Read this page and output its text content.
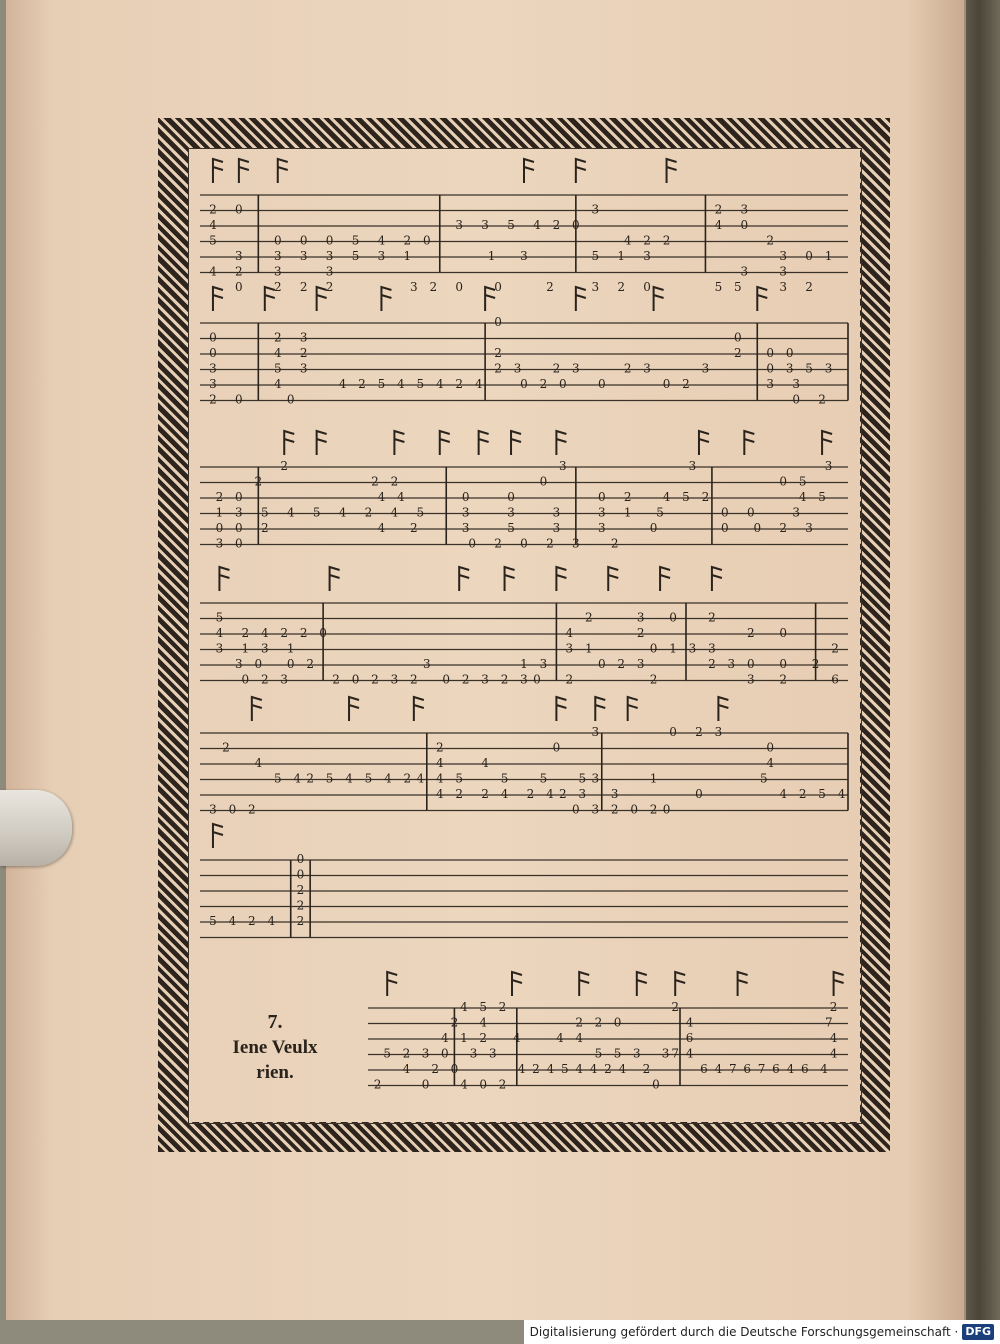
2 0
4
5	0 0 0 5 4 2 0
3	3 3 3 5 3 1
4 2	3	3
0	2 2 2	3 2
3 3 5 4 2 0
1 3
0	0	2
3
4 2 2
5 1 3
3 2 0
2 3
4 0
2
3 0 1
3	3
5 5	3 2
0
0
3
3
2 0
2 3
4 2
5 3
4	4 2 5 4 5 4 2 4
0
0
2
2 3	2 3	2 3	3
0 2 0	0	0 2
2
0
0 0
0 3 5 3
3 3
0 2
2
2
2 0
1 3 5 4 5 4 2 4 5
0 0 2	4 2
3 0
2 2
4 4	0	0
3	3	3
3	5	3
0 2 0 2 3
3
0
3
0 2	4 5 2
3 1 5
3	0
2
0 5
4 5
0 0	3
0 0 2 3
3
5
4 2 4 2 2 0
3 1 3 1
3 0 0 2
0 2 3	2 0 2 3 2
3
0 2 3 2 3 0
1 3
2	3 0
4	2
3 1	0 1 3
0 2 3
2	2
2
2 0
3
2 3 0 0 2
2
3 2	6
2
4
5 4 2 5 4 5 4 2 4
3 0 2
2
4	4
4 5	5	5	5
4 2 2 4 2 4 2 3
0
3
0 3
3
3
2 0 2 0
1
0
0 2 3
0
4
5
4 2 5 4
0
0
2
2
2
5 4 2 4
4 5 2
2 4
4 1 2
5 2 3 0 3 3
4 2 0
2	0	4 0 2
2 2 0
4	4 4
5 5 3
4 2 4 5 4 4 2 4 2
0
3 7
2
4
6
4
6 4 7 6 7 6 4 6
2
4
4
7
4
7.
Iene Veulx
rien.
Digitalisierung gefördert durch die Deutsche Forschungsgemeinschaft · DFG
